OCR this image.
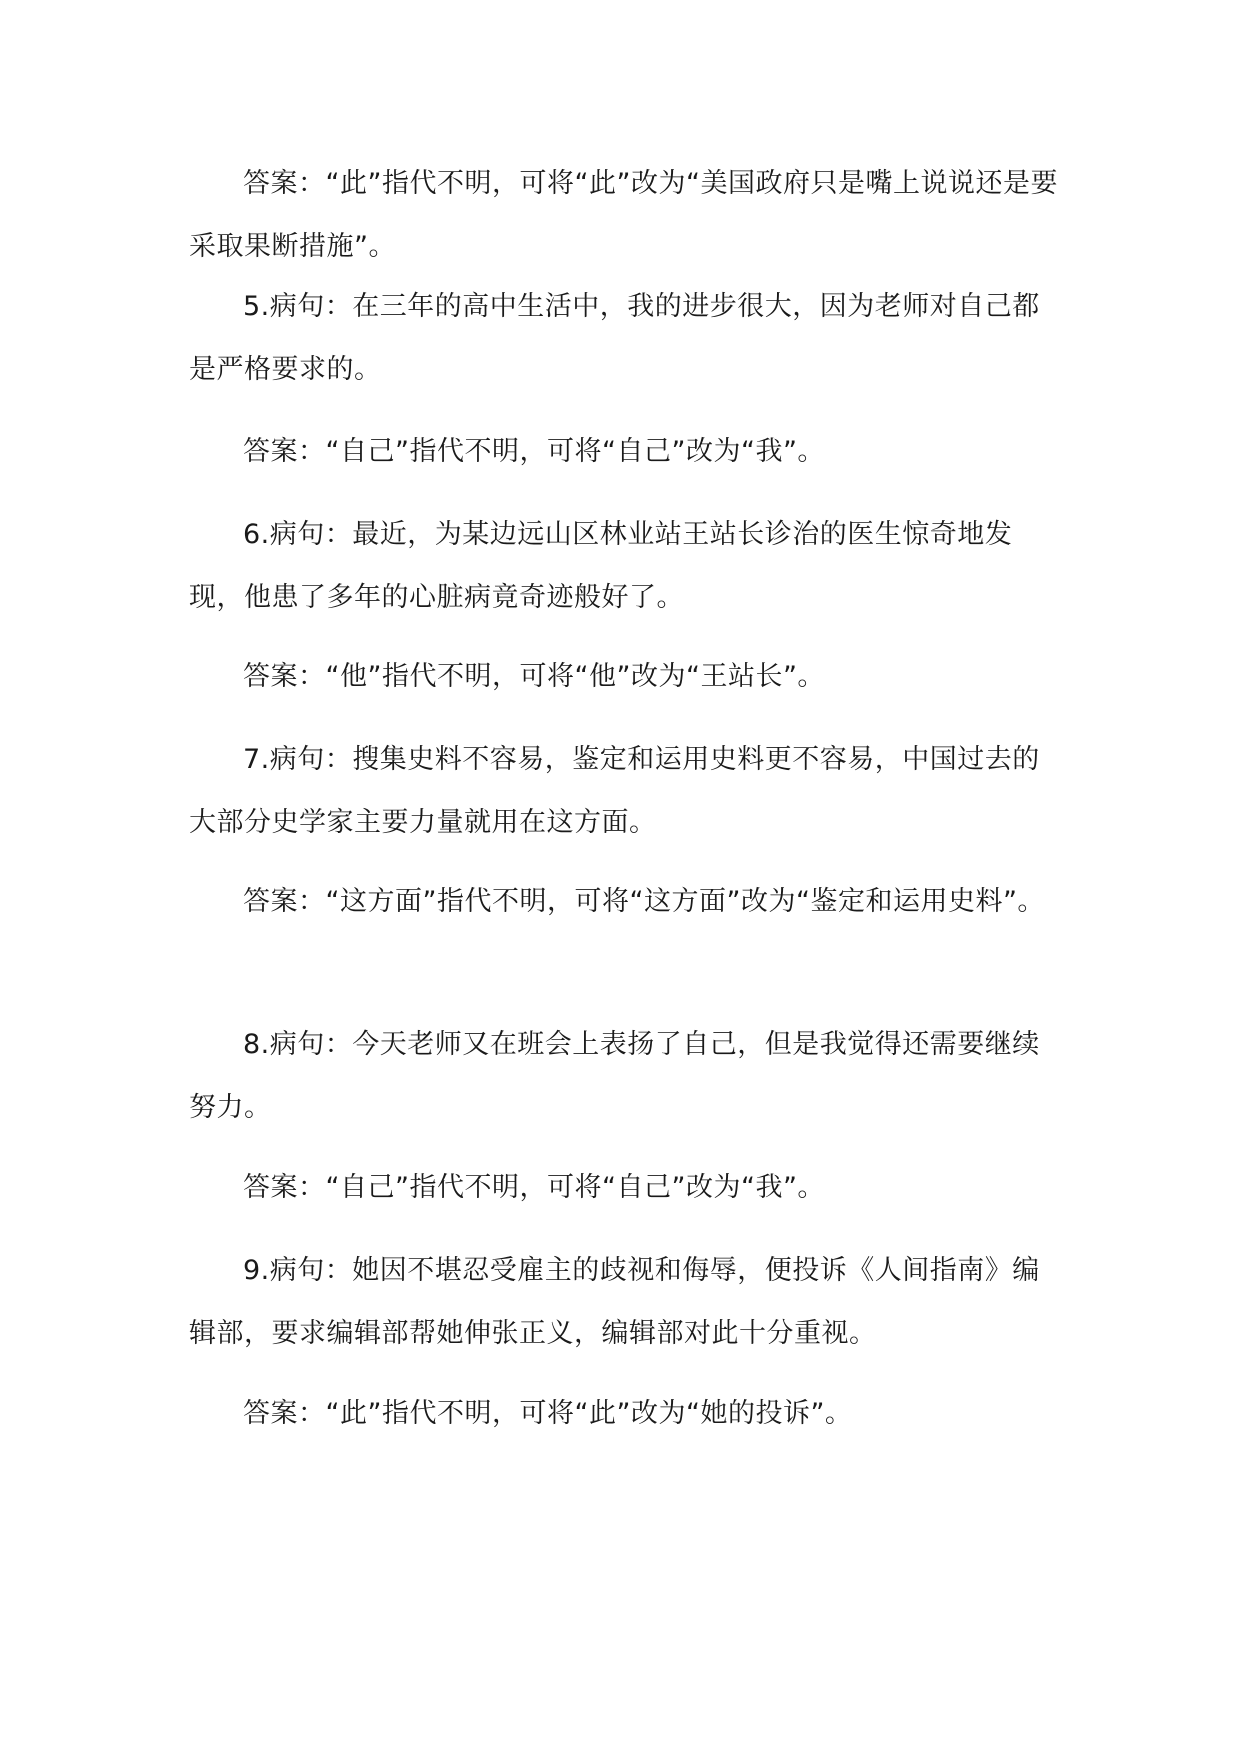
答案：“此”指代不明，可将“此”改为“美国政府只是嘴上说说还是要采取果断措施”。

5.病句：在三年的高中生活中，我的进步很大，因为老师对自己都是严格要求的。

答案：“自己”指代不明，可将“自己”改为“我”。

6.病句：最近，为某边远山区林业站王站长诊治的医生惊奇地发现，他患了多年的心脏病竟奇迹般好了。

答案：“他”指代不明，可将“他”改为“王站长”。

7.病句：搜集史料不容易，鉴定和运用史料更不容易，中国过去的大部分史学家主要力量就用在这方面。

答案：“这方面”指代不明，可将“这方面”改为“鉴定和运用史料”。

8.病句：今天老师又在班会上表扬了自己，但是我觉得还需要继续努力。

答案：“自己”指代不明，可将“自己”改为“我”。

9.病句：她因不堪忍受雇主的歧视和侮辱，便投诉《人间指南》编辑部，要求编辑部帮她伸张正义，编辑部对此十分重视。

答案：“此”指代不明，可将“此”改为“她的投诉”。
